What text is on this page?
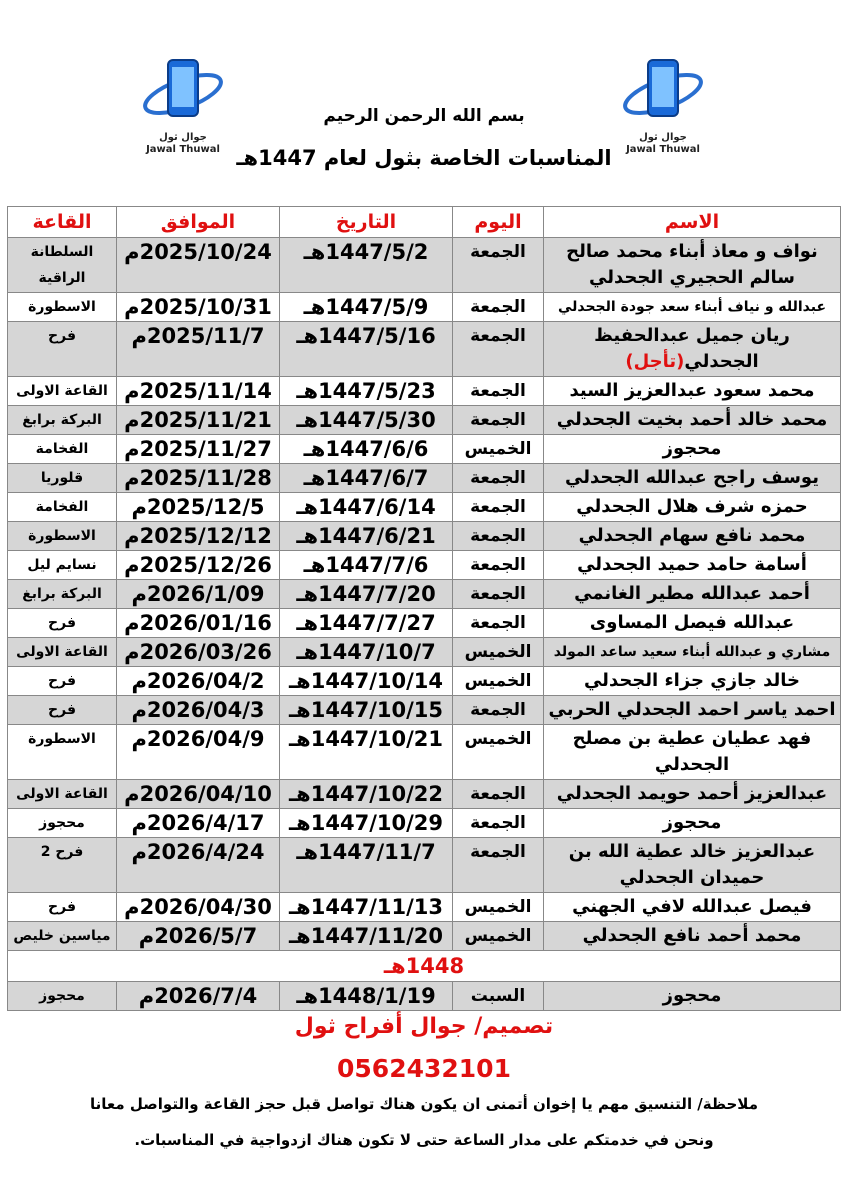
جوال ثول
Jawal Thuwal
جوال ثول
Jawal Thuwal
بسم الله الرحمن الرحيم
المناسبات الخاصة بثول لعام 1447هـ
الاسم	اليوم	التاريخ	الموافق	القاعة
نواف و معاذ أبناء محمد صالح سالم الحجيري الجحدلي	الجمعة	1447/5/2هـ	2025/10/24م	السلطانة الراقية
عبدالله و نياف أبناء سعد جودة الجحدلي	الجمعة	1447/5/9هـ	2025/10/31م	الاسطورة
ريان جميل عبدالحفيظ الجحدلي(تأجل)	الجمعة	1447/5/16هـ	2025/11/7م	فرح
محمد سعود عبدالعزيز السيد	الجمعة	1447/5/23هـ	2025/11/14م	القاعة الاولى
محمد خالد أحمد بخيت الجحدلي	الجمعة	1447/5/30هـ	2025/11/21م	البركة برابغ
محجوز	الخميس	1447/6/6هـ	2025/11/27م	الفخامة
يوسف راجح عبدالله الجحدلي	الجمعة	1447/6/7هـ	2025/11/28م	قلوريا
حمزه شرف هلال الجحدلي	الجمعة	1447/6/14هـ	2025/12/5م	الفخامة
محمد نافع سهام الجحدلي	الجمعة	1447/6/21هـ	2025/12/12م	الاسطورة
أسامة حامد حميد الجحدلي	الجمعة	1447/7/6هـ	2025/12/26م	نسايم ليل
أحمد عبدالله مطير الغانمي	الجمعة	1447/7/20هـ	2026/1/09م	البركة برابغ
عبدالله فيصل المساوى	الجمعة	1447/7/27هـ	2026/01/16م	فرح
مشاري و عبدالله أبناء سعيد ساعد المولد	الخميس	1447/10/7هـ	2026/03/26م	القاعة الاولى
خالد جازي جزاء الجحدلي	الخميس	1447/10/14هـ	2026/04/2م	فرح
احمد ياسر احمد الجحدلي الحربي	الجمعة	1447/10/15هـ	2026/04/3م	فرح
فهد عطيان عطية بن مصلح الجحدلي	الخميس	1447/10/21هـ	2026/04/9م	الاسطورة
عبدالعزيز أحمد حويمد الجحدلي	الجمعة	1447/10/22هـ	2026/04/10م	القاعة الاولى
محجوز	الجمعة	1447/10/29هـ	2026/4/17م	محجوز
عبدالعزيز خالد عطية الله بن حميدان الجحدلي	الجمعة	1447/11/7هـ	2026/4/24م	فرح 2
فيصل عبدالله لافي الجهني	الخميس	1447/11/13هـ	2026/04/30م	فرح
محمد أحمد نافع الجحدلي	الخميس	1447/11/20هـ	2026/5/7م	مياسين خليص
1448هـ				
محجوز	السبت	1448/1/19هـ	2026/7/4م	محجوز
تصميم/ جوال أفراح ثول
0562432101
ملاحظة/ التنسيق مهم يا إخوان أتمنى ان يكون هناك تواصل قبل حجز القاعة والتواصل معانا
ونحن في خدمتكم على مدار الساعة حتى لا تكون هناك ازدواجية في المناسبات.
